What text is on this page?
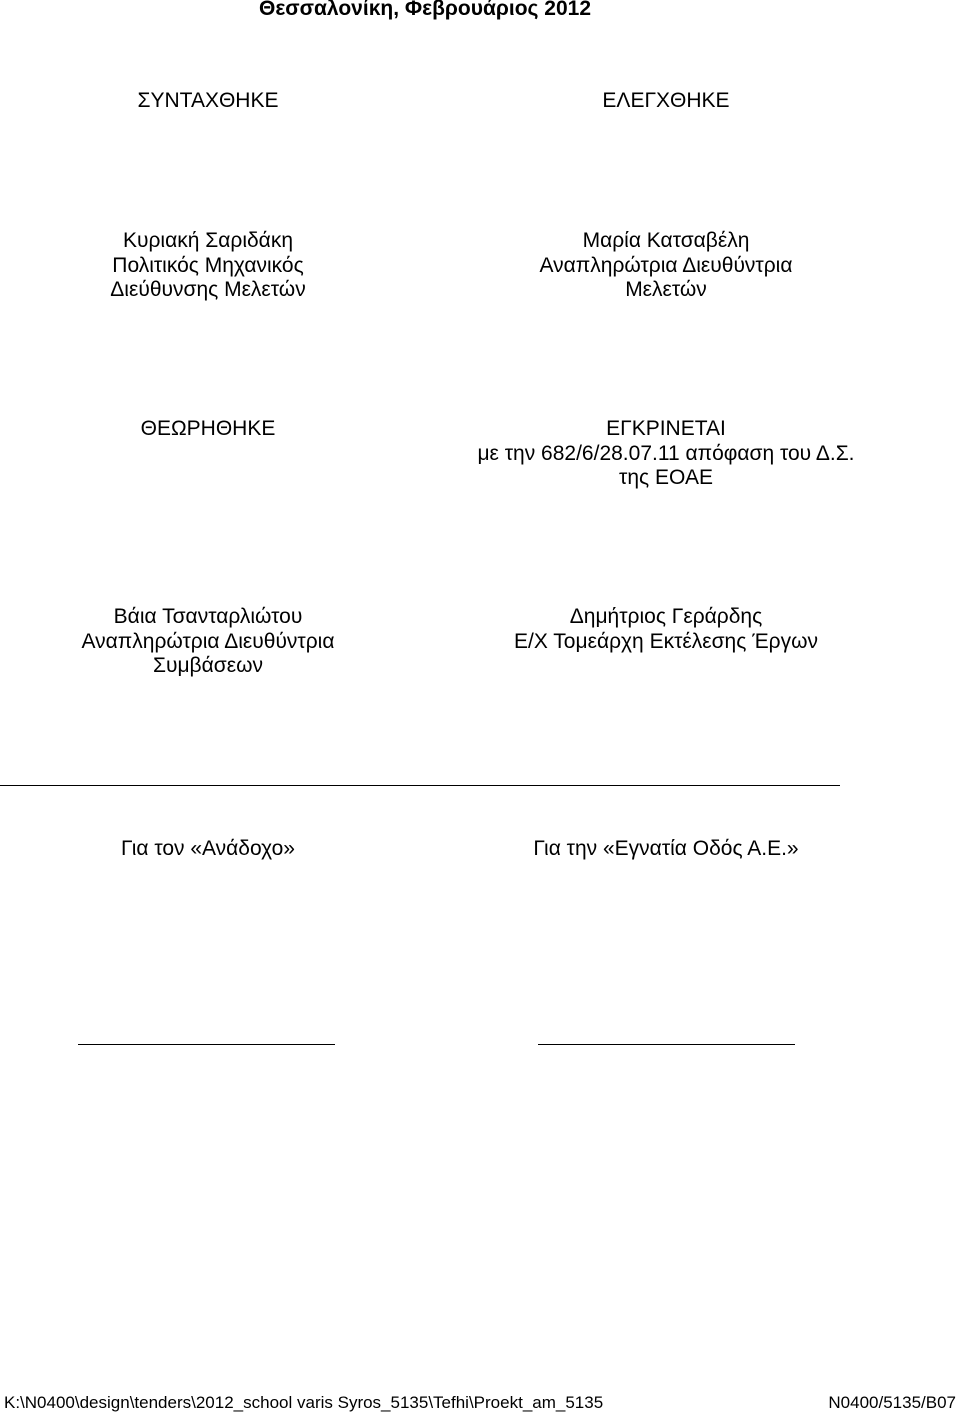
Θεσσαλονίκη, Φεβρουάριος 2012
ΣΥΝΤΑΧΘΗΚΕ	ΕΛΕΓΧΘΗΚΕ
Κυριακή Σαριδάκη
Πολιτικός Μηχανικός
Διεύθυνσης Μελετών
Μαρία Κατσαβέλη
Αναπληρώτρια Διευθύντρια
Μελετών
ΘΕΩΡΗΘΗΚΕ	ΕΓΚΡΙΝΕΤΑΙ
με την 682/6/28.07.11 απόφαση του Δ.Σ.
της ΕΟΑΕ
Βάια Τσανταρλιώτου
Αναπληρώτρια Διευθύντρια
Συμβάσεων
Δημήτριος Γεράρδης
Ε/Χ Τομεάρχη Εκτέλεσης Έργων
Για τον «Ανάδοχο»	Για την «Εγνατία Οδός Α.Ε.»
K:\N0400\design\tenders\2012_school varis Syros_5135\Tefhi\Proekt_am_5135	N0400/5135/B07
